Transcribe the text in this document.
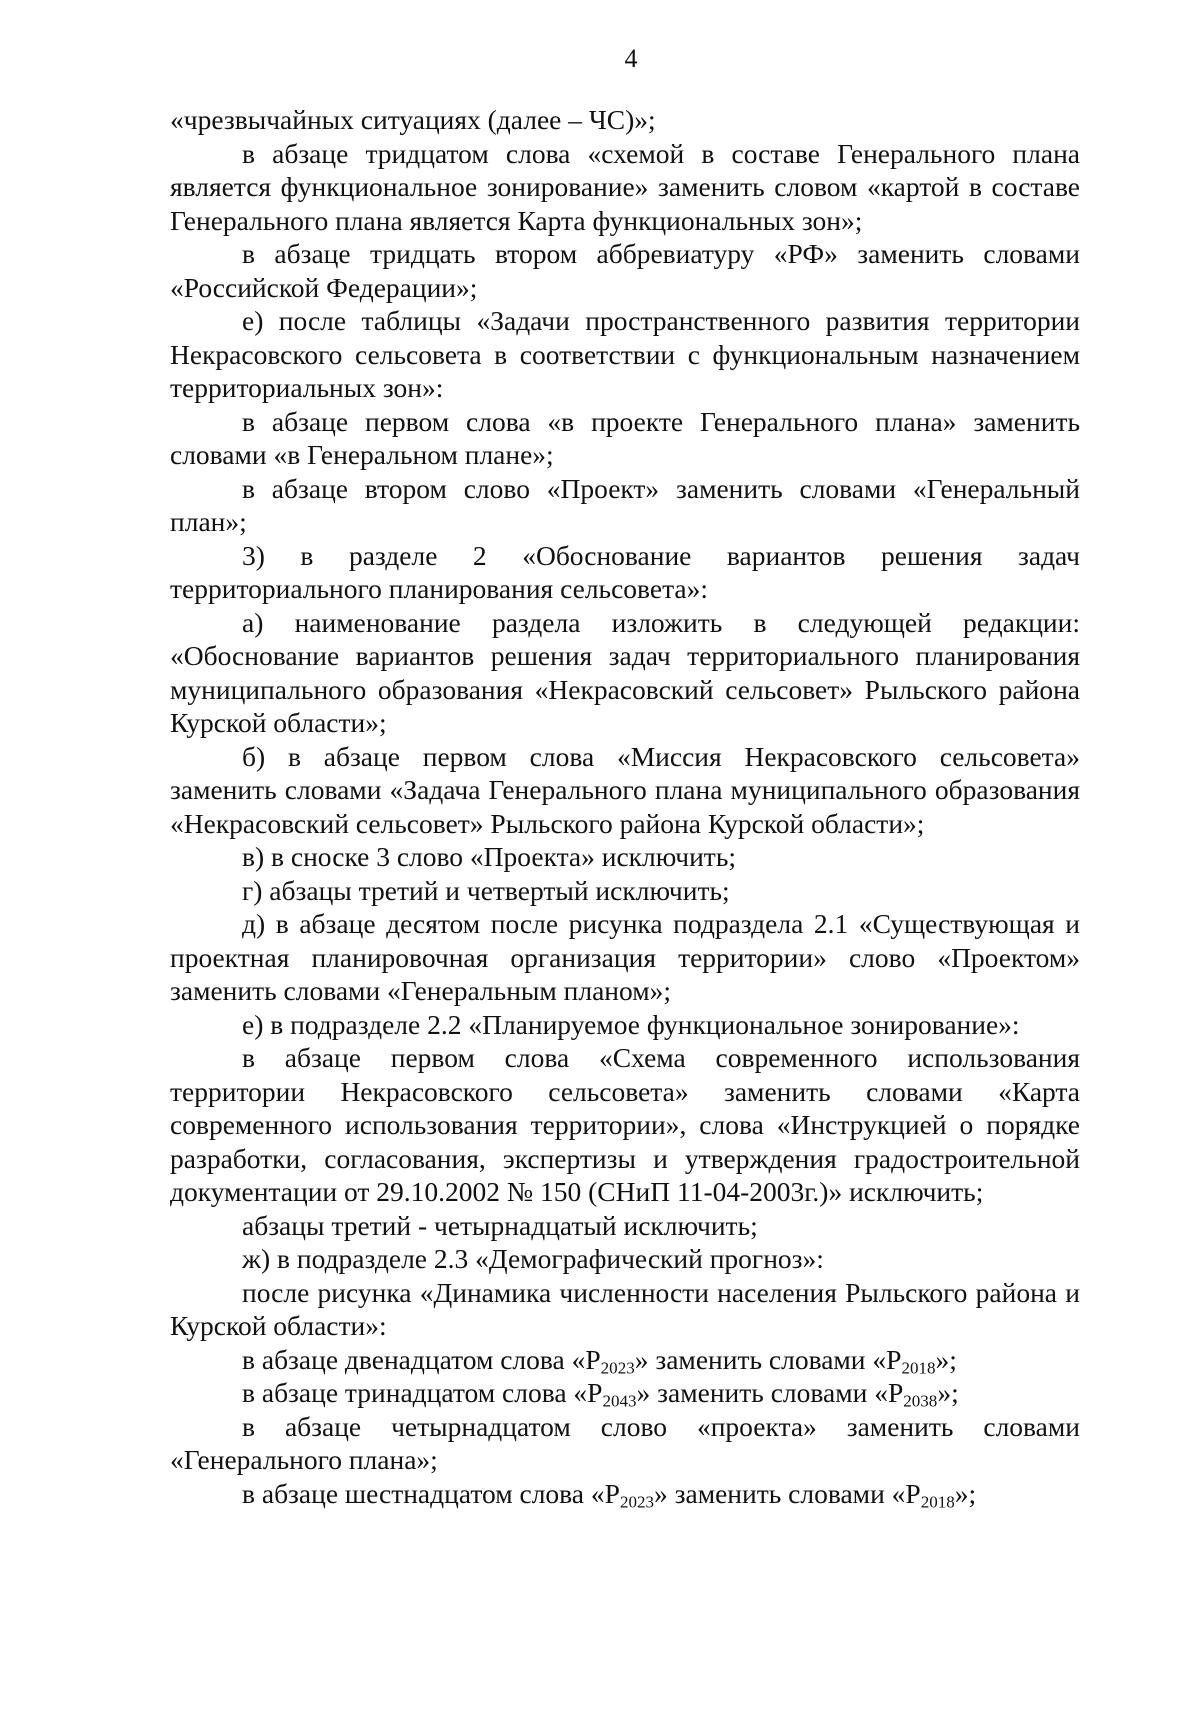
4

«чрезвычайных ситуациях (далее – ЧС)»;

в абзаце тридцатом слова «схемой в составе Генерального плана является функциональное зонирование» заменить словом «картой в составе Генерального плана является Карта функциональных зон»;

в абзаце тридцать втором аббревиатуру «РФ» заменить словами «Российской Федерации»;

е) после таблицы «Задачи пространственного развития территории Некрасовского сельсовета в соответствии с функциональным назначением территориальных зон»:

в абзаце первом слова «в проекте Генерального плана» заменить словами «в Генеральном плане»;

в абзаце втором слово «Проект» заменить словами «Генеральный план»;

3) в разделе 2 «Обоснование вариантов решения задач территориального планирования сельсовета»:

а) наименование раздела изложить в следующей редакции: «Обоснование вариантов решения задач территориального планирования муниципального образования «Некрасовский сельсовет» Рыльского района Курской области»;

б) в абзаце первом слова «Миссия Некрасовского сельсовета» заменить словами «Задача Генерального плана муниципального образования «Некрасовский сельсовет» Рыльского района Курской области»;

в) в сноске 3 слово «Проекта» исключить;

г) абзацы третий и четвертый исключить;

д) в абзаце десятом после рисунка подраздела 2.1 «Существующая и проектная планировочная организация территории» слово «Проектом» заменить словами «Генеральным планом»;

е) в подразделе 2.2 «Планируемое функциональное зонирование»:

в абзаце первом слова «Схема современного использования территории Некрасовского сельсовета» заменить словами «Карта современного использования территории», слова «Инструкцией о порядке разработки, согласования, экспертизы и утверждения градостроительной документации от 29.10.2002 № 150 (СНиП 11-04-2003г.)» исключить;

абзацы третий - четырнадцатый исключить;

ж) в подразделе 2.3 «Демографический прогноз»:

после рисунка «Динамика численности населения Рыльского района и Курской области»:

в абзаце двенадцатом слова «$Р_{2023}$» заменить словами «$Р_{2018}$»;

в абзаце тринадцатом слова «$Р_{2043}$» заменить словами «$Р_{2038}$»;

в абзаце четырнадцатом слово «проекта» заменить словами «Генерального плана»;

в абзаце шестнадцатом слова «$Р_{2023}$» заменить словами «$Р_{2018}$»;
